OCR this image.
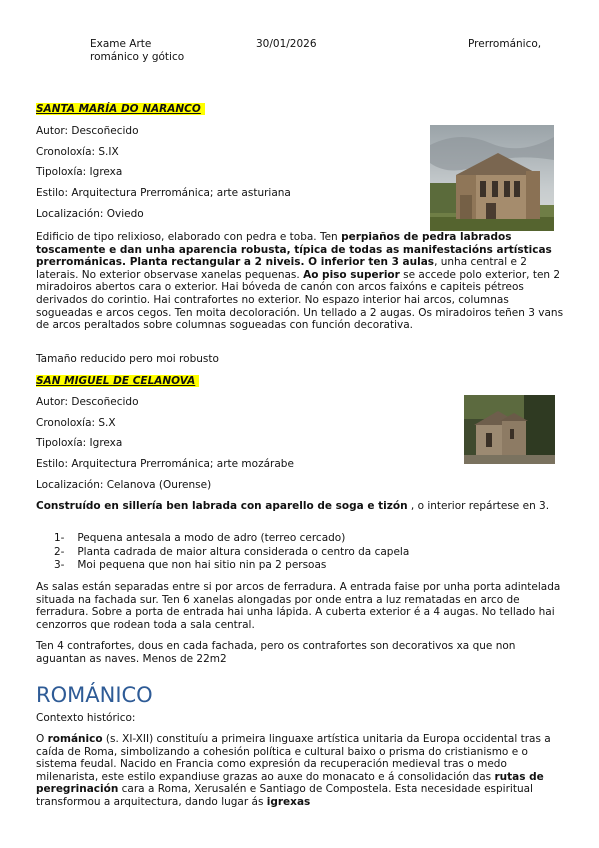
Exame Arte
románico y gótico
30/01/2026	Prerrománico,
SANTA MARÍA DO NARANCO
Autor: Descoñecido
Cronoloxía: S.IX
Tipoloxía: Igrexa
Estilo: Arquitectura Prerrománica; arte asturiana
Localización: Oviedo
Edificio de tipo relixioso, elaborado con pedra e toba. Ten perpiaños de pedra labrados toscamente e dan unha aparencia robusta, típica de todas as manifestacións artísticas prerrománicas. Planta rectangular a 2 niveis. O inferior ten 3 aulas, unha central e 2 laterais. No exterior observase xanelas pequenas. Ao piso superior se accede polo exterior, ten 2 miradoiros abertos cara o exterior. Hai bóveda de canón con arcos faixóns e capiteis pétreos derivados do corintio. Hai contrafortes no exterior. No espazo interior hai arcos, columnas sogueadas e arcos cegos. Ten moita decoloración. Un tellado a 2 augas. Os miradoiros teñen 3 vans de arcos peraltados sobre columnas sogueadas con función decorativa.
Tamaño reducido pero moi robusto
SAN MIGUEL DE CELANOVA
Autor: Descoñecido
Cronoloxía: S.X
Tipoloxía: Igrexa
Estilo: Arquitectura Prerrománica; arte mozárabe
Localización: Celanova (Ourense)
Construído en sillería ben labrada con aparello de soga e tizón , o interior repártese en 3.
1- Pequena antesala a modo de adro (terreo cercado)
2- Planta cadrada de maior altura considerada o centro da capela
3- Moi pequena que non hai sitio nin pa 2 persoas
As salas están separadas entre si por arcos de ferradura. A entrada faise por unha porta adintelada situada na fachada sur. Ten 6 xanelas alongadas por onde entra a luz rematadas en arco de ferradura. Sobre a porta de entrada hai unha lápida. A cuberta exterior é a 4 augas. No tellado hai cenzorros que rodean toda a sala central.
Ten 4 contrafortes, dous en cada fachada, pero os contrafortes son decorativos xa que non aguantan as naves. Menos de 22m2
ROMÁNICO
Contexto histórico:
O románico (s. XI-XII) constituíu a primeira linguaxe artística unitaria da Europa occidental tras a caída de Roma, simbolizando a cohesión política e cultural baixo o prisma do cristianismo e o sistema feudal. Nacido en Francia como expresión da recuperación medieval tras o medo milenarista, este estilo expandiuse grazas ao auxe do monacato e á consolidación das rutas de peregrinación cara a Roma, Xerusalén e Santiago de Compostela. Esta necesidade espiritual transformou a arquitectura, dando lugar ás igrexas
